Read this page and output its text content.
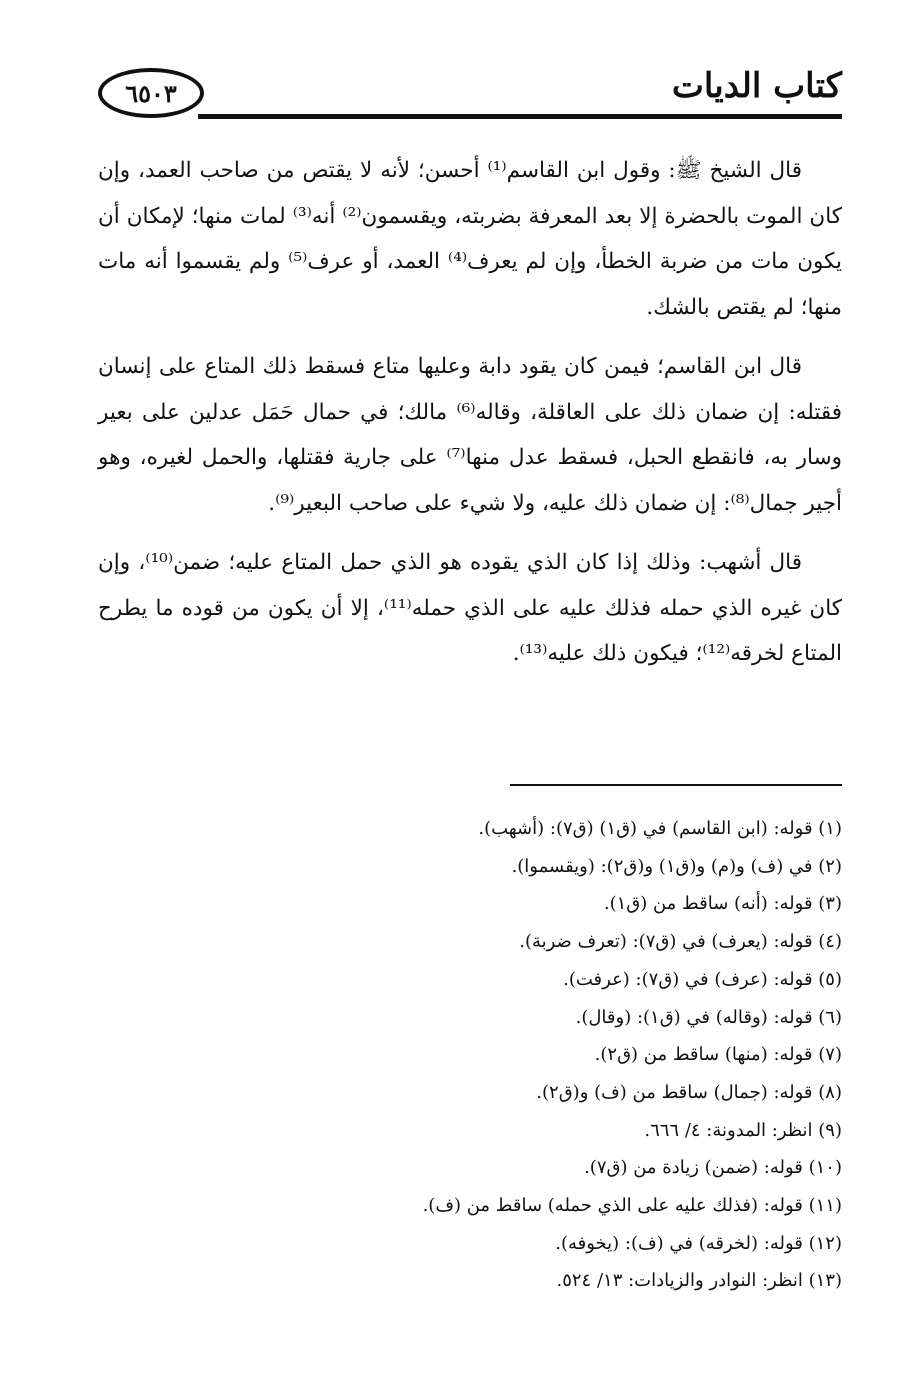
٦٥٠٣	كتاب الديات

قال الشيخ ﷺ: وقول ابن القاسم⁽¹⁾ أحسن؛ لأنه لا يقتص من صاحب العمد، وإن كان الموت بالحضرة إلا بعد المعرفة بضربته، ويقسمون⁽²⁾ أنه⁽³⁾ لمات منها؛ لإمكان أن يكون مات من ضربة الخطأ، وإن لم يعرف⁽⁴⁾ العمد، أو عرف⁽⁵⁾ ولم يقسموا أنه مات منها؛ لم يقتص بالشك.

قال ابن القاسم؛ فيمن كان يقود دابة وعليها متاع فسقط ذلك المتاع على إنسان فقتله: إن ضمان ذلك على العاقلة، وقاله⁽⁶⁾ مالك؛ في حمال حَمَل عدلين على بعير وسار به، فانقطع الحبل، فسقط عدل منها⁽⁷⁾ على جارية فقتلها، والحمل لغيره، وهو أجير جمال⁽⁸⁾: إن ضمان ذلك عليه، ولا شيء على صاحب البعير⁽⁹⁾.

قال أشهب: وذلك إذا كان الذي يقوده هو الذي حمل المتاع عليه؛ ضمن⁽¹⁰⁾، وإن كان غيره الذي حمله فذلك عليه على الذي حمله⁽¹¹⁾، إلا أن يكون من قوده ما يطرح المتاع لخرقه⁽¹²⁾؛ فيكون ذلك عليه⁽¹³⁾.

(١) قوله: (ابن القاسم) في (ق١) (ق٧): (أشهب).
(٢) في (ف) و(م) و(ق١) و(ق٢): (ويقسموا).
(٣) قوله: (أنه) ساقط من (ق١).
(٤) قوله: (يعرف) في (ق٧): (تعرف ضربة).
(٥) قوله: (عرف) في (ق٧): (عرفت).
(٦) قوله: (وقاله) في (ق١): (وقال).
(٧) قوله: (منها) ساقط من (ق٢).
(٨) قوله: (جمال) ساقط من (ف) و(ق٢).
(٩) انظر: المدونة: ٤/ ٦٦٦.
(١٠) قوله: (ضمن) زيادة من (ق٧).
(١١) قوله: (فذلك عليه على الذي حمله) ساقط من (ف).
(١٢) قوله: (لخرقه) في (ف): (يخوفه).
(١٣) انظر: النوادر والزيادات: ١٣/ ٥٢٤.
